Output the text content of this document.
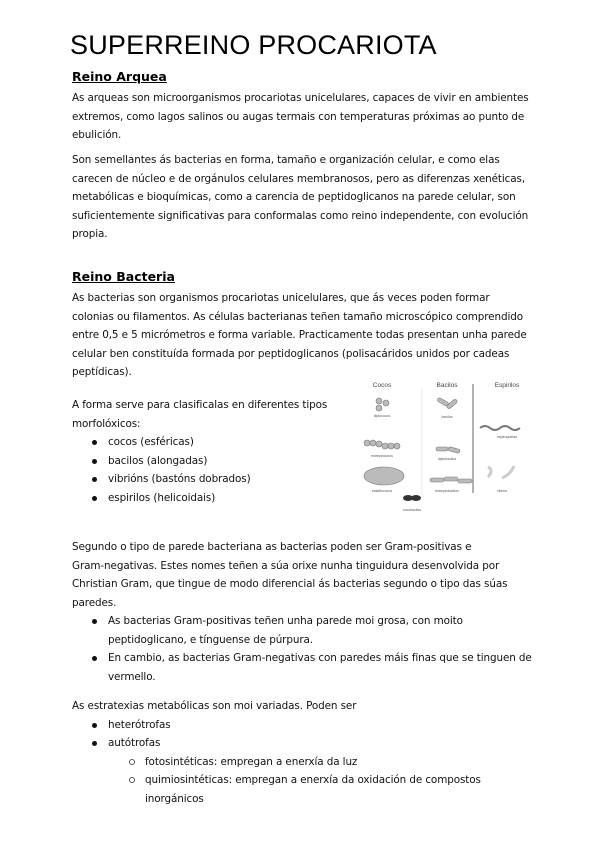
SUPERREINO PROCARIOTA
Reino Arquea
As arqueas son microorganismos procariotas unicelulares, capaces de vivir en ambientes
extremos, como lagos salinos ou augas termais con temperaturas próximas ao punto de
ebulición.
Son semellantes ás bacterias en forma, tamaño e organización celular, e como elas
carecen de núcleo e de orgánulos celulares membranosos, pero as diferenzas xenéticas,
metabólicas e bioquímicas, como a carencia de peptidoglicanos na parede celular, son
suficientemente significativas para conformalas como reino independente, con evolución
propia.
Reino Bacteria
As bacterias son organismos procariotas unicelulares, que ás veces poden formar
colonias ou filamentos. As células bacterianas teñen tamaño microscópico comprendido
entre 0,5 e 5 micrómetros e forma variable. Practicamente todas presentan unha parede
celular ben constituída formada por peptidoglicanos (polisacáridos unidos por cadeas
peptídicas).
A forma serve para clasificalas en diferentes tipos
morfolóxicos:
cocos (esféricas)
bacilos (alongadas)
vibrións (bastóns dobrados)
espirilos (helicoidais)
Cocos	Bacilos	Espirilos
diplococos	bacilos
espiroquetas
estreptococos
diplobacilos
estafilococos	estreptobacilos	vibrios
cocobacilos
Segundo o tipo de parede bacteriana as bacterias poden ser Gram-positivas e
Gram-negativas. Estes nomes teñen a súa orixe nunha tinguidura desenvolvida por
Christian Gram, que tingue de modo diferencial ás bacterias segundo o tipo das súas
paredes.
As bacterias Gram-positivas teñen unha parede moi grosa, con moito
peptidoglicano, e tínguense de púrpura.
En cambio, as bacterias Gram-negativas con paredes máis finas que se tinguen de
vermello.
As estratexias metabólicas son moi variadas. Poden ser
heterótrofas
autótrofas
fotosintéticas: empregan a enerxía da luz
quimiosintéticas: empregan a enerxía da oxidación de compostos
inorgánicos
